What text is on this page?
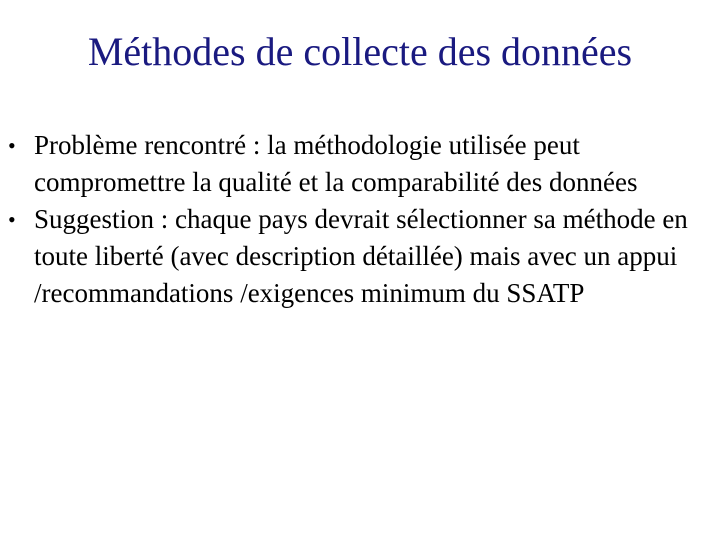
Méthodes de collecte des données
• Problème rencontré : la méthodologie utilisée peut compromettre la qualité et la comparabilité des données
• Suggestion : chaque pays devrait sélectionner sa méthode en toute liberté (avec description détaillée) mais avec un appui /recommandations /exigences minimum du SSATP
